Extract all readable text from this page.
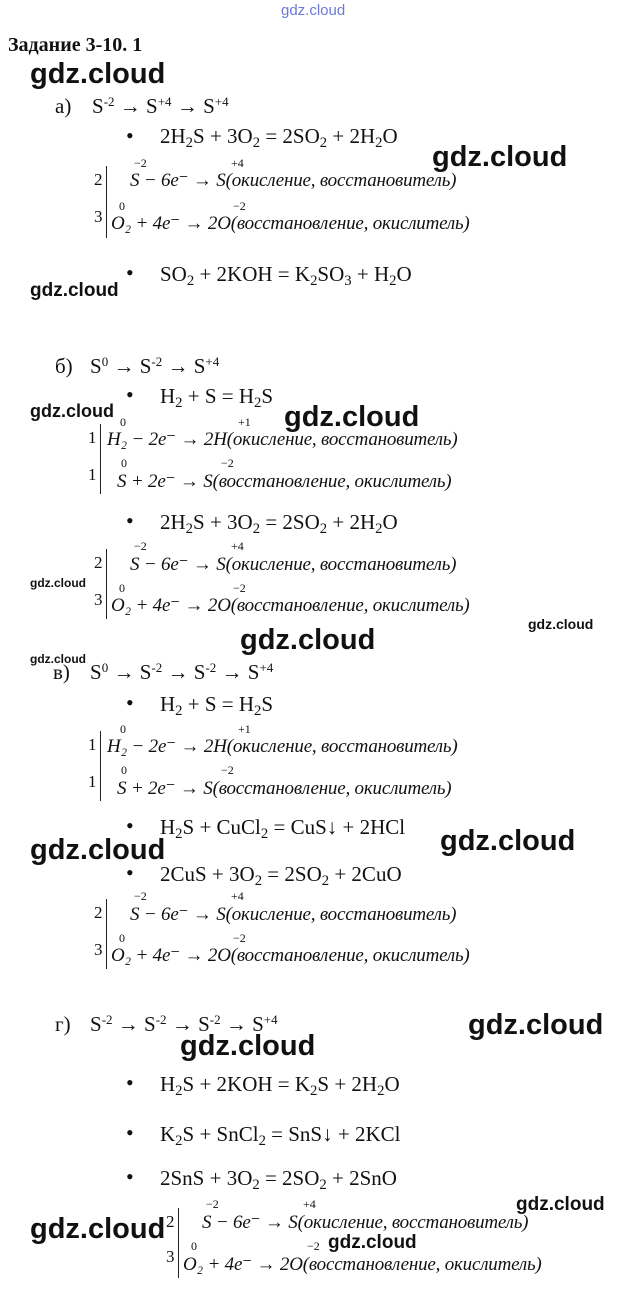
gdz.cloud
Задание 3-10. 1
а) $S^{-2} \to S^{+4} \to S^{+4}$
• $2H_2S + 3O_2 = 2SO_2 + 2H_2O$
2
3
−2	+4
S − 6e⁻ → S(окисление, восстановитель)
0	−2
O₂ + 4e⁻ → 2O(восстановление, окислитель)
• $SO_2 + 2KOH = K_2SO_3 + H_2O$
б) $S^0 \to S^{-2} \to S^{+4}$
• $H_2 + S = H_2S$
1
1
0	+1
H₂ − 2e⁻ → 2H(окисление, восстановитель)
0	−2
S + 2e⁻ → S(восстановление, окислитель)
• $2H_2S + 3O_2 = 2SO_2 + 2H_2O$
2
3
−2	+4
S − 6e⁻ → S(окисление, восстановитель)
0	−2
O₂ + 4e⁻ → 2O(восстановление, окислитель)
в) $S^0 \to S^{-2} \to S^{-2} \to S^{+4}$
• $H_2 + S = H_2S$
1
1
0	+1
H₂ − 2e⁻ → 2H(окисление, восстановитель)
0	−2
S + 2e⁻ → S(восстановление, окислитель)
• $H_2S$ + CuCl$_2$ = CuS↓ + 2HCl
• $2CuS + 3O_2 = 2SO_2 + 2CuO$
2
3
−2	+4
S − 6e⁻ → S(окисление, восстановитель)
0	−2
O₂ + 4e⁻ → 2O(восстановление, окислитель)
г) $S^{-2} \to S^{-2} \to S^{-2} \to S^{+4}$
• $H_2S + 2KOH = K_2S + 2H_2O$
• $K_2S$ + SnCl$_2$ = SnS↓ + 2KCl
• $2SnS + 3O_2 = 2SO_2 + 2SnO$
2
3
−2	+4
S − 6e⁻ → S(окисление, восстановитель)
0	−2
O₂ + 4e⁻ → 2O(восстановление, окислитель)
gdz.cloud
gdz.cloud
gdz.cloud
gdz.cloud	gdz.cloud
gdz.cloud
gdz.cloud
gdz.cloud
gdz.cloud
gdz.cloud	gdz.cloud
gdz.cloud
gdz.cloud
gdz.cloud
gdz.cloud	gdz.cloud
